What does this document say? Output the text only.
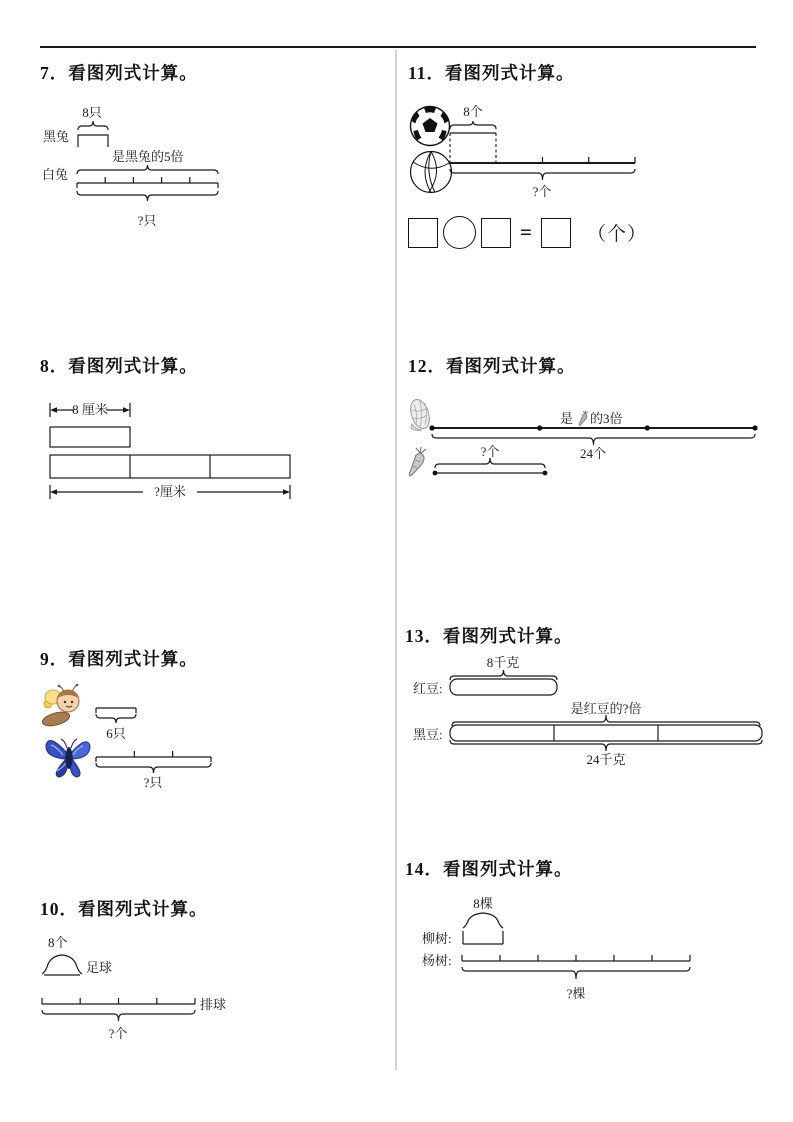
7．看图列式计算。
8只
黑兔
是黑兔的5倍
白兔
?只
8．看图列式计算。
8 厘米
?厘米
9．看图列式计算。
6只
?只
10．看图列式计算。
8个
足球
排球
?个
11．看图列式计算。
8个
?个
=	（个）
12．看图列式计算。
是 的3倍
24个
?个
13．看图列式计算。
8千克
红豆:
是红豆的?倍
黑豆:
24千克
14．看图列式计算。
8棵
柳树:
杨树:
?棵
